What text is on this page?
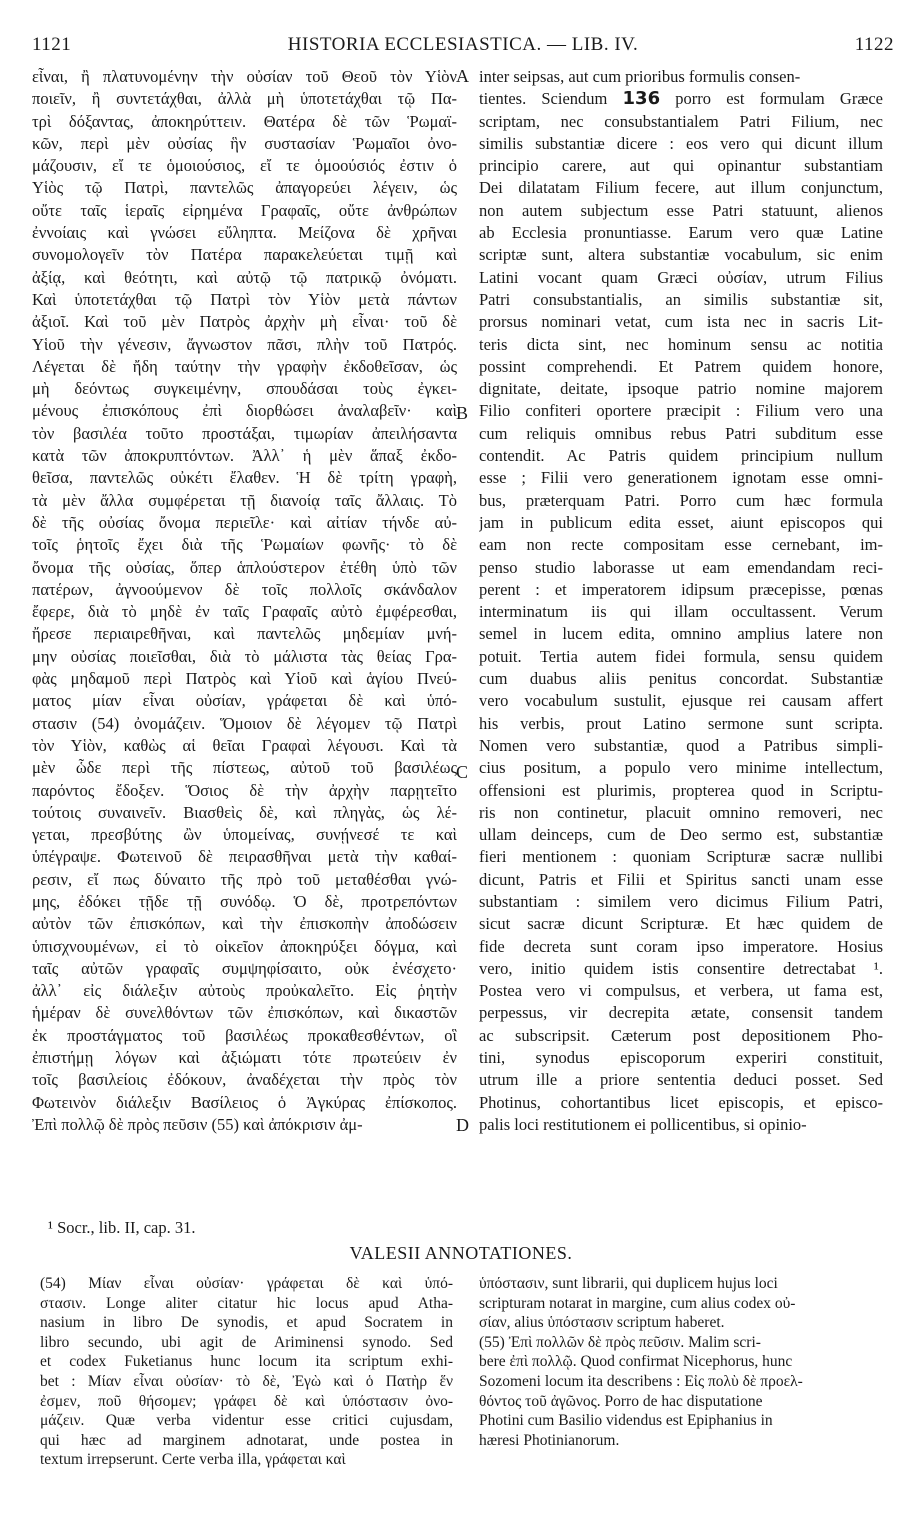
1121	HISTORIA ECCLESIASTICA. — LIB. IV.	1122
εἶναι, ἢ πλατυνομένην τὴν οὐσίαν τοῦ Θεοῦ τὸν Υἱὸν
ποιεῖν, ἢ συντετάχθαι, ἀλλὰ μὴ ὑποτετάχθαι τῷ Πα-
τρὶ δόξαντας, ἀποκηρύττειν. Θατέρα δὲ τῶν Ῥωμαϊ-
κῶν, περὶ μὲν οὐσίας ἣν συστασίαν Ῥωμαῖοι ὀνο-
μάζουσιν, εἴ τε ὁμοιούσιος, εἴ τε ὁμοούσιός ἐστιν ὁ
Υἱὸς τῷ Πατρὶ, παντελῶς ἀπαγορεύει λέγειν, ὡς
οὔτε ταῖς ἱεραῖς εἰρημένα Γραφαῖς, οὔτε ἀνθρώπων
ἐννοίαις καὶ γνώσει εὔληπτα. Μείζονα δὲ χρῆναι
συνομολογεῖν τὸν Πατέρα παρακελεύεται τιμῇ καὶ
ἀξίᾳ, καὶ θεότητι, καὶ αὐτῷ τῷ πατρικῷ ὀνόματι.
Καὶ ὑποτετάχθαι τῷ Πατρὶ τὸν Υἱὸν μετὰ πάντων
ἀξιοῖ. Καὶ τοῦ μὲν Πατρὸς ἀρχὴν μὴ εἶναι· τοῦ δὲ
Υἱοῦ τὴν γένεσιν, ἄγνωστον πᾶσι, πλὴν τοῦ Πατρός.
Λέγεται δὲ ἤδη ταύτην τὴν γραφὴν ἐκδοθεῖσαν, ὡς
μὴ δεόντως συγκειμένην, σπουδάσαι τοὺς ἐγκει-
μένους ἐπισκόπους ἐπὶ διορθώσει ἀναλαβεῖν· καὶ
τὸν βασιλέα τοῦτο προστάξαι, τιμωρίαν ἀπειλήσαντα
κατὰ τῶν ἀποκρυπτόντων. Ἀλλ᾽ ἡ μὲν ἅπαξ ἐκδο-
θεῖσα, παντελῶς οὐκέτι ἔλαθεν. Ἡ δὲ τρίτη γραφὴ,
τὰ μὲν ἄλλα συμφέρεται τῇ διανοίᾳ ταῖς ἄλλαις. Τὸ
δὲ τῆς οὐσίας ὄνομα περιεῖλε· καὶ αἰτίαν τήνδε αὐ-
τοῖς ῥητοῖς ἔχει διὰ τῆς Ῥωμαίων φωνῆς· τὸ δὲ
ὄνομα τῆς οὐσίας, ὅπερ ἁπλούστερον ἐτέθη ὑπὸ τῶν
πατέρων, ἀγνοούμενον δὲ τοῖς πολλοῖς σκάνδαλον
ἔφερε, διὰ τὸ μηδὲ ἐν ταῖς Γραφαῖς αὐτὸ ἐμφέρεσθαι,
ἤρεσε περιαιρεθῆναι, καὶ παντελῶς μηδεμίαν μνή-
μην οὐσίας ποιεῖσθαι, διὰ τὸ μάλιστα τὰς θείας Γρα-
φὰς μηδαμοῦ περὶ Πατρὸς καὶ Υἱοῦ καὶ ἁγίου Πνεύ-
ματος μίαν εἶναι οὐσίαν, γράφεται δὲ καὶ ὑπό-
στασιν (54) ὀνομάζειν. Ὅμοιον δὲ λέγομεν τῷ Πατρὶ
τὸν Υἱὸν, καθὼς αἱ θεῖαι Γραφαὶ λέγουσι. Καὶ τὰ
μὲν ὧδε περὶ τῆς πίστεως, αὐτοῦ τοῦ βασιλέως
παρόντος ἔδοξεν. Ὅσιος δὲ τὴν ἀρχὴν παρῃτεῖτο
τούτοις συναινεῖν. Βιασθεὶς δὲ, καὶ πληγὰς, ὡς λέ-
γεται, πρεσβύτης ὢν ὑπομείνας, συνῄνεσέ τε καὶ
ὑπέγραψε. Φωτεινοῦ δὲ πειρασθῆναι μετὰ τὴν καθαί-
ρεσιν, εἴ πως δύναιτο τῆς πρὸ τοῦ μεταθέσθαι γνώ-
μης, ἐδόκει τῇδε τῇ συνόδῳ. Ὁ δὲ, προτρεπόντων
αὐτὸν τῶν ἐπισκόπων, καὶ τὴν ἐπισκοπὴν ἀποδώσειν
ὑπισχνουμένων, εἰ τὸ οἰκεῖον ἀποκηρύξει δόγμα, καὶ
ταῖς αὐτῶν γραφαῖς συμψηφίσαιτο, οὐκ ἐνέσχετο·
ἀλλ᾽ εἰς διάλεξιν αὐτοὺς προὐκαλεῖτο. Εἰς ῥητὴν
ἡμέραν δὲ συνελθόντων τῶν ἐπισκόπων, καὶ δικαστῶν
ἐκ προστάγματος τοῦ βασιλέως προκαθεσθέντων, οἳ
ἐπιστήμῃ λόγων καὶ ἀξιώματι τότε πρωτεύειν ἐν
τοῖς βασιλείοις ἐδόκουν, ἀναδέχεται τὴν πρὸς τὸν
Φωτεινὸν διάλεξιν Βασίλειος ὁ Ἀγκύρας ἐπίσκοπος.
Ἐπὶ πολλῷ δὲ πρὸς πεῦσιν (55) καὶ ἀπόκρισιν ἀμ-
inter seipsas, aut cum prioribus formulis consen-
tientes. Sciendum 136 porro est formulam Græce
scriptam, nec consubstantialem Patri Filium, nec
similis substantiæ dicere : eos vero qui dicunt illum
principio carere, aut qui opinantur substantiam
Dei dilatatam Filium fecere, aut illum conjunctum,
non autem subjectum esse Patri statuunt, alienos
ab Ecclesia pronuntiasse. Earum vero quæ Latine
scriptæ sunt, altera substantiæ vocabulum, sic enim
Latini vocant quam Græci οὐσίαν, utrum Filius
Patri consubstantialis, an similis substantiæ sit,
prorsus nominari vetat, cum ista nec in sacris Lit-
teris dicta sint, nec hominum sensu ac notitia
possint comprehendi. Et Patrem quidem honore,
dignitate, deitate, ipsoque patrio nomine majorem
Filio confiteri oportere præcipit : Filium vero una
cum reliquis omnibus rebus Patri subditum esse
contendit. Ac Patris quidem principium nullum
esse ; Filii vero generationem ignotam esse omni-
bus, præterquam Patri. Porro cum hæc formula
jam in publicum edita esset, aiunt episcopos qui
eam non recte compositam esse cernebant, im-
penso studio laborasse ut eam emendandam reci-
perent : et imperatorem idipsum præcepisse, pœnas
interminatum iis qui illam occultassent. Verum
semel in lucem edita, omnino amplius latere non
potuit. Tertia autem fidei formula, sensu quidem
cum duabus aliis penitus concordat. Substantiæ
vero vocabulum sustulit, ejusque rei causam affert
his verbis, prout Latino sermone sunt scripta.
Nomen vero substantiæ, quod a Patribus simpli-
cius positum, a populo vero minime intellectum,
offensioni est plurimis, propterea quod in Scriptu-
ris non continetur, placuit omnino removeri, nec
ullam deinceps, cum de Deo sermo est, substantiæ
fieri mentionem : quoniam Scripturæ sacræ nullibi
dicunt, Patris et Filii et Spiritus sancti unam esse
substantiam : similem vero dicimus Filium Patri,
sicut sacræ dicunt Scripturæ. Et hæc quidem de
fide decreta sunt coram ipso imperatore. Hosius
vero, initio quidem istis consentire detrectabat ¹.
Postea vero vi compulsus, et verbera, ut fama est,
perpessus, vir decrepita ætate, consensit tandem
ac subscripsit. Cæterum post depositionem Pho-
tini, synodus episcoporum experiri constituit,
utrum ille a priore sententia deduci posset. Sed
Photinus, cohortantibus licet episcopis, et episco-
palis loci restitutionem ei pollicentibus, si opinio-
A
B
C
D
¹ Socr., lib. II, cap. 31.
VALESII ANNOTATIONES.
(54) Μίαν εἶναι οὐσίαν· γράφεται δὲ καὶ ὑπό-
στασιν. Longe aliter citatur hic locus apud Atha-
nasium in libro De synodis, et apud Socratem in
libro secundo, ubi agit de Ariminensi synodo. Sed
et codex Fuketianus hunc locum ita scriptum exhi-
bet : Μίαν εἶναι οὐσίαν· τὸ δὲ, Ἐγὼ καὶ ὁ Πατὴρ ἕν
ἐσμεν, ποῦ θήσομεν; γράφει δὲ καὶ ὑπόστασιν ὀνο-
μάζειν. Quæ verba videntur esse critici cujusdam,
qui hæc ad marginem adnotarat, unde postea in
textum irrepserunt. Certe verba illa, γράφεται καὶ
ὑπόστασιν, sunt librarii, qui duplicem hujus loci
scripturam notarat in margine, cum alius codex οὐ-
σίαν, alius ὑπόστασιν scriptum haberet.
(55) Ἐπὶ πολλῶν δὲ πρὸς πεῦσιν. Malim scri-
bere ἐπὶ πολλῷ. Quod confirmat Nicephorus, hunc
Sozomeni locum ita describens : Εἰς πολὺ δὲ προελ-
θόντος τοῦ ἀγῶνος. Porro de hac disputatione
Photini cum Basilio videndus est Epiphanius in
hæresi Photinianorum.
